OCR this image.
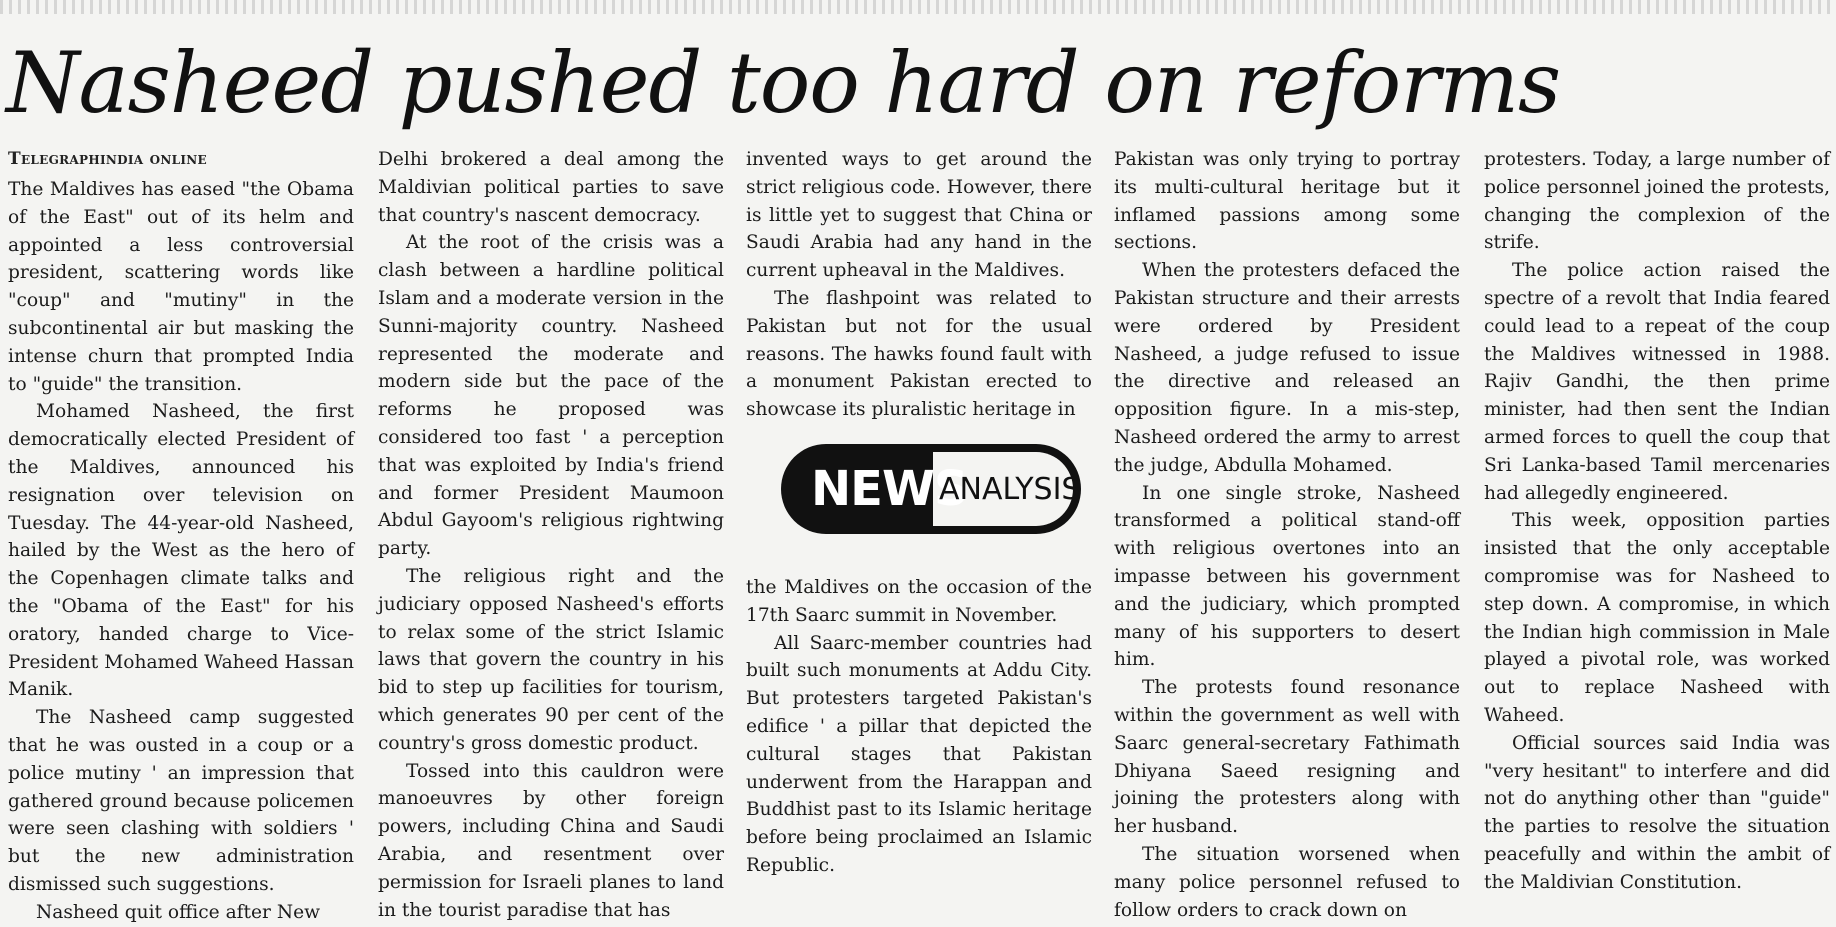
Nasheed pushed too hard on reforms
Telegraphindia online

The Maldives has eased "the Obama of the East" out of its helm and appointed a less controversial president, scattering words like "coup" and "mutiny" in the subcontinental air but masking the intense churn that prompted India to "guide" the transition.

Mohamed Nasheed, the first democratically elected President of the Maldives, announced his resignation over television on Tuesday. The 44-year-old Nasheed, hailed by the West as the hero of the Copenhagen climate talks and the "Obama of the East" for his oratory, handed charge to Vice-President Mohamed Waheed Hassan Manik.

The Nasheed camp suggested that he was ousted in a coup or a police mutiny ' an impression that gathered ground because policemen were seen clashing with soldiers ' but the new administration dismissed such suggestions.

Nasheed quit office after New

Delhi brokered a deal among the Maldivian political parties to save that country's nascent democracy.

At the root of the crisis was a clash between a hardline political Islam and a moderate version in the Sunni-majority country. Nasheed represented the moderate and modern side but the pace of the reforms he proposed was considered too fast ' a perception that was exploited by India's friend and former President Maumoon Abdul Gayoom's religious rightwing party.

The religious right and the judiciary opposed Nasheed's efforts to relax some of the strict Islamic laws that govern the country in his bid to step up facilities for tourism, which generates 90 per cent of the country's gross domestic product.

Tossed into this cauldron were manoeuvres by other foreign powers, including China and Saudi Arabia, and resentment over permission for Israeli planes to land in the tourist paradise that has

invented ways to get around the strict religious code. However, there is little yet to suggest that China or Saudi Arabia had any hand in the current upheaval in the Maldives.

The flashpoint was related to Pakistan but not for the usual reasons. The hawks found fault with a monument Pakistan erected to showcase its pluralistic heritage in

NEWS
ANALYSIS

the Maldives on the occasion of the 17th Saarc summit in November.

All Saarc-member countries had built such monuments at Addu City. But protesters targeted Pakistan's edifice ' a pillar that depicted the cultural stages that Pakistan underwent from the Harappan and Buddhist past to its Islamic heritage before being proclaimed an Islamic Republic.

Pakistan was only trying to portray its multi-cultural heritage but it inflamed passions among some sections.

When the protesters defaced the Pakistan structure and their arrests were ordered by President Nasheed, a judge refused to issue the directive and released an opposition figure. In a mis-step, Nasheed ordered the army to arrest the judge, Abdulla Mohamed.

In one single stroke, Nasheed transformed a political stand-off with religious overtones into an impasse between his government and the judiciary, which prompted many of his supporters to desert him.

The protests found resonance within the government as well with Saarc general-secretary Fathimath Dhiyana Saeed resigning and joining the protesters along with her husband.

The situation worsened when many police personnel refused to follow orders to crack down on

protesters. Today, a large number of police personnel joined the protests, changing the complexion of the strife.

The police action raised the spectre of a revolt that India feared could lead to a repeat of the coup the Maldives witnessed in 1988. Rajiv Gandhi, the then prime minister, had then sent the Indian armed forces to quell the coup that Sri Lanka-based Tamil mercenaries had allegedly engineered.

This week, opposition parties insisted that the only acceptable compromise was for Nasheed to step down. A compromise, in which the Indian high commission in Male played a pivotal role, was worked out to replace Nasheed with Waheed.

Official sources said India was "very hesitant" to interfere and did not do anything other than "guide" the parties to resolve the situation peacefully and within the ambit of the Maldivian Constitution.
